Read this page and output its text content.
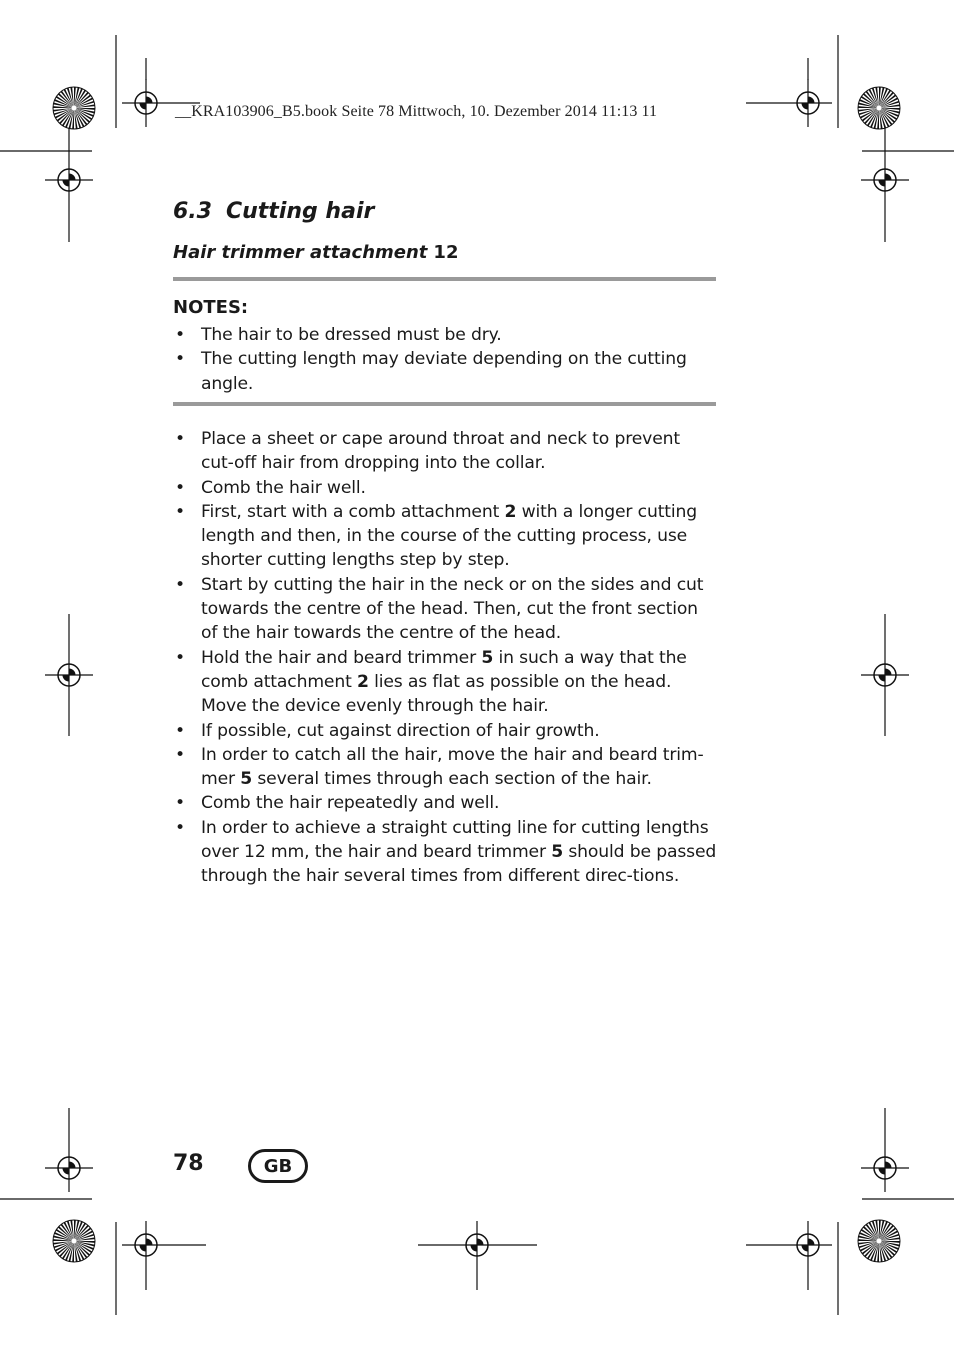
__KRA103906_B5.book Seite 78 Mittwoch, 10. Dezember 2014 11:13 11
6.3 Cutting hair
Hair trimmer attachment 12
NOTES:
• The hair to be dressed must be dry.
• The cutting length may deviate depending on the cutting angle.
• Place a sheet or cape around throat and neck to prevent cut-off hair from dropping into the collar.
• Comb the hair well.
• First, start with a comb attachment 2 with a longer cutting length and then, in the course of the cutting process, use shorter cutting lengths step by step.
• Start by cutting the hair in the neck or on the sides and cut towards the centre of the head. Then, cut the front section of the hair towards the centre of the head.
• Hold the hair and beard trimmer 5 in such a way that the comb attachment 2 lies as flat as possible on the head. Move the device evenly through the hair.
• If possible, cut against direction of hair growth.
• In order to catch all the hair, move the hair and beard trim-mer 5 several times through each section of the hair.
• Comb the hair repeatedly and well.
• In order to achieve a straight cutting line for cutting lengths over 12 mm, the hair and beard trimmer 5 should be passed through the hair several times from different direc-tions.
78	GB
